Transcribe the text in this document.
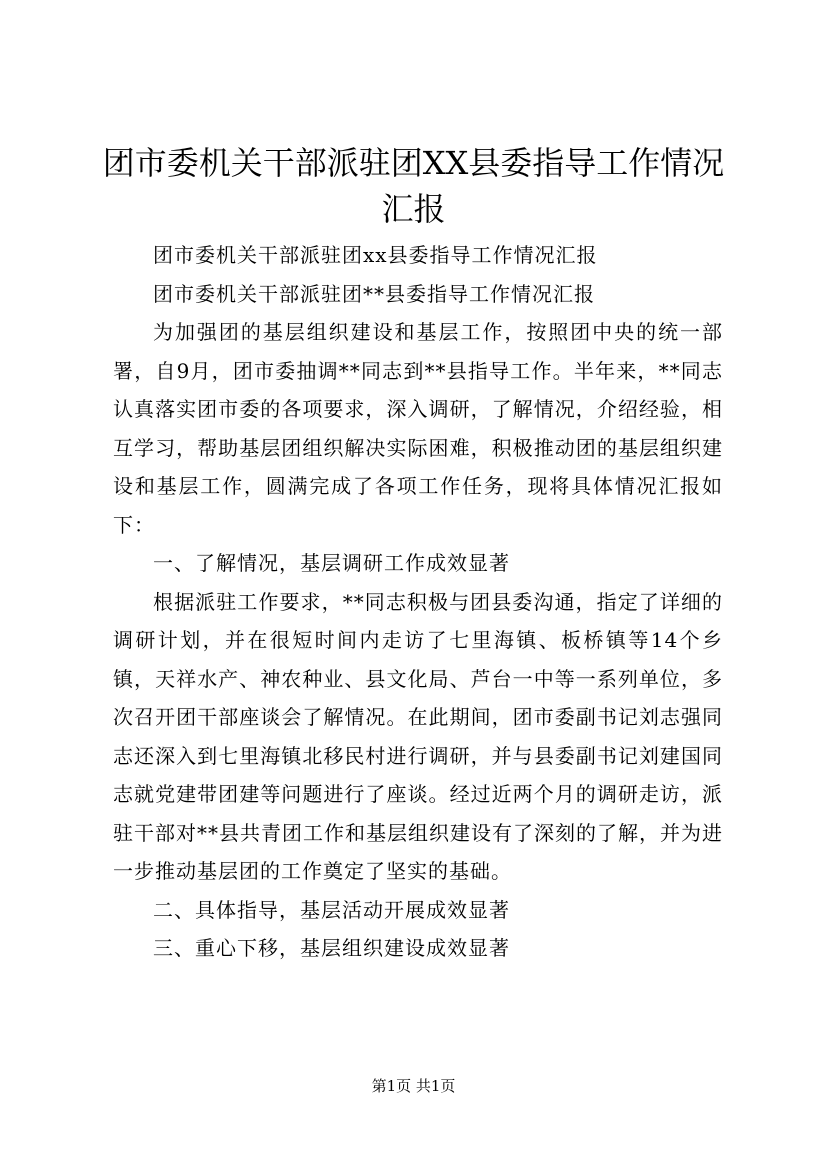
团市委机关干部派驻团XX县委指导工作情况汇报

团市委机关干部派驻团xx县委指导工作情况汇报

团市委机关干部派驻团**县委指导工作情况汇报

为加强团的基层组织建设和基层工作，按照团中央的统一部署，自9月，团市委抽调**同志到**县指导工作。半年来，**同志认真落实团市委的各项要求，深入调研，了解情况，介绍经验，相互学习，帮助基层团组织解决实际困难，积极推动团的基层组织建设和基层工作，圆满完成了各项工作任务，现将具体情况汇报如下：

一、了解情况，基层调研工作成效显著

根据派驻工作要求，**同志积极与团县委沟通，指定了详细的调研计划，并在很短时间内走访了七里海镇、板桥镇等14个乡镇，天祥水产、神农种业、县文化局、芦台一中等一系列单位，多次召开团干部座谈会了解情况。在此期间，团市委副书记刘志强同志还深入到七里海镇北移民村进行调研，并与县委副书记刘建国同志就党建带团建等问题进行了座谈。经过近两个月的调研走访，派驻干部对**县共青团工作和基层组织建设有了深刻的了解，并为进一步推动基层团的工作奠定了坚实的基础。

二、具体指导，基层活动开展成效显著

三、重心下移，基层组织建设成效显著

第1页 共1页
